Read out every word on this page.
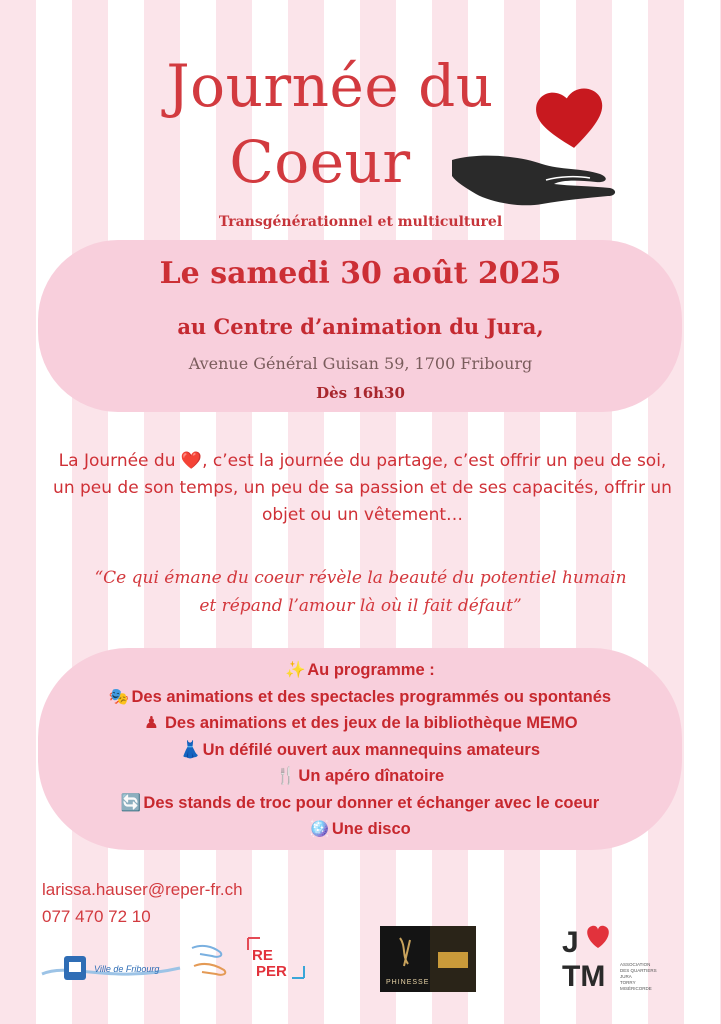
Journée du
Coeur
Transgénérationnel et multiculturel
Le samedi 30 août 2025
au Centre d’animation du Jura,
Avenue Général Guisan 59, 1700 Fribourg
Dès 16h30

La Journée du ❤️, c’est la journée du partage, c’est offrir un peu de soi, un peu de son temps, un peu de sa passion et de ses capacités, offrir un objet ou un vêtement…

“Ce qui émane du coeur révèle la beauté du potentiel humain
et répand l’amour là où il fait défaut”
✨ Au programme :
🎭 Des animations et des spectacles programmés ou spontanés
♟ Des animations et des jeux de la bibliothèque MEMO
👗 Un défilé ouvert aux mannequins amateurs
🍴 Un apéro dînatoire
🔄 Des stands de troc pour donner et échanger avec le coeur
🪩 Une disco
larissa.hauser@reper-fr.ch
077 470 72 10
Ville de Fribourg
RE
PER
PHINESSE
J
TM	ASSOCIATION
DES QUARTIERS
JURA
TORRY
MISÉRICORDE
